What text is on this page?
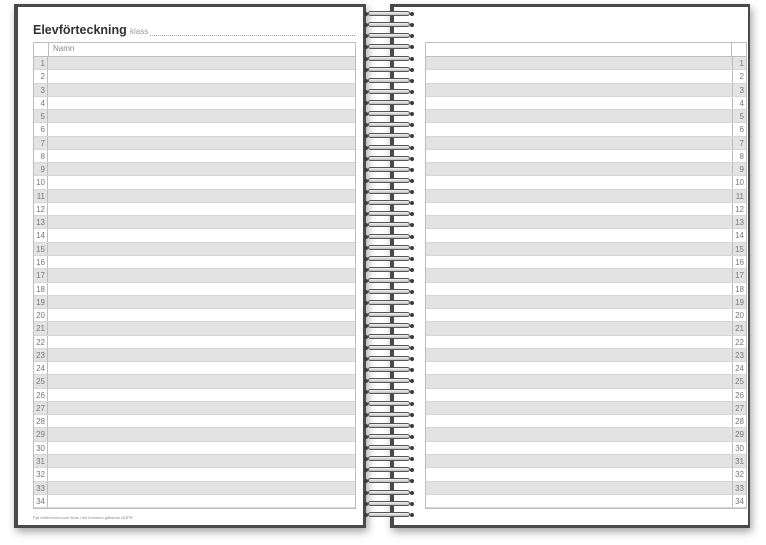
Elevförteckning klass
Namn
1
2
3
4
5
6
7
8
9
10
11
12
13
14
15
16
17
18
19
20
21
22
23
24
25
26
27
28
29
30
31
32
33
34
Fyll i/efterforma som finns i din kommun gällande GDPR
1
2
3
4
5
6
7
8
9
10
11
12
13
14
15
16
17
18
19
20
21
22
23
24
25
26
27
28
29
30
31
32
33
34
